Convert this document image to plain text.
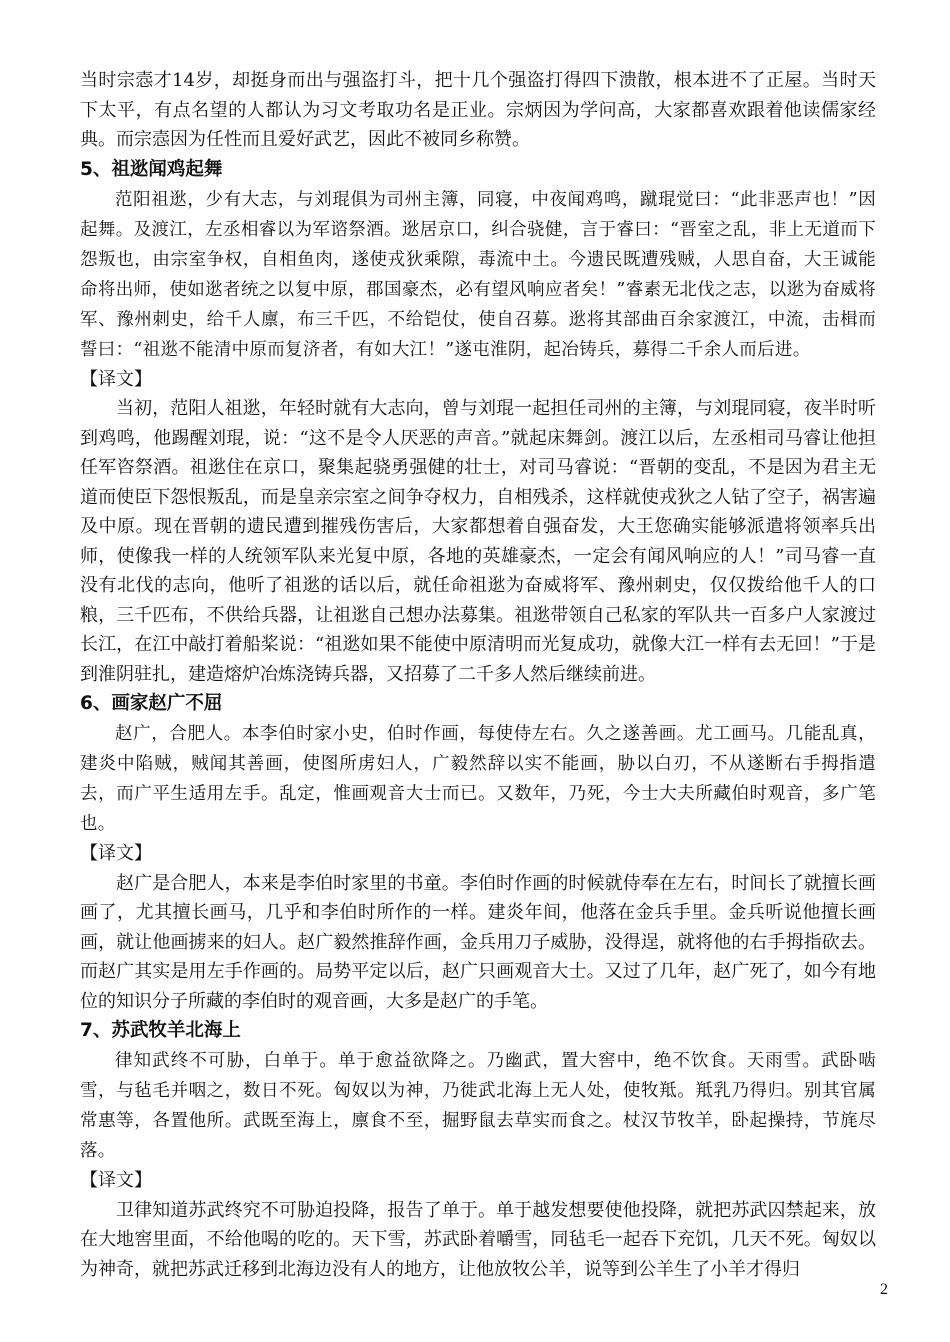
当时宗悫才14岁，却挺身而出与强盗打斗，把十几个强盗打得四下溃散，根本进不了正屋。当时天下太平，有点名望的人都认为习文考取功名是正业。宗炳因为学问高，大家都喜欢跟着他读儒家经典。而宗悫因为任性而且爱好武艺，因此不被同乡称赞。

5、祖逖闻鸡起舞

范阳祖逖，少有大志，与刘琨俱为司州主簿，同寝，中夜闻鸡鸣，蹴琨觉曰：“此非恶声也！”因起舞。及渡江，左丞相睿以为军谘祭酒。逖居京口，纠合骁健，言于睿曰：“晋室之乱，非上无道而下怨叛也，由宗室争权，自相鱼肉，遂使戎狄乘隙，毒流中土。今遗民既遭残贼，人思自奋，大王诚能命将出师，使如逖者统之以复中原，郡国豪杰，必有望风响应者矣！”睿素无北伐之志，以逖为奋威将军、豫州刺史，给千人廪，布三千匹，不给铠仗，使自召募。逖将其部曲百余家渡江，中流，击楫而誓曰：“祖逖不能清中原而复济者，有如大江！”遂屯淮阴，起冶铸兵，募得二千余人而后进。

【译文】

当初，范阳人祖逖，年轻时就有大志向，曾与刘琨一起担任司州的主簿，与刘琨同寝，夜半时听到鸡鸣，他踢醒刘琨，说：“这不是令人厌恶的声音。”就起床舞剑。渡江以后，左丞相司马睿让他担任军咨祭酒。祖逖住在京口，聚集起骁勇强健的壮士，对司马睿说：“晋朝的变乱，不是因为君主无道而使臣下怨恨叛乱，而是皇亲宗室之间争夺权力，自相残杀，这样就使戎狄之人钻了空子，祸害遍及中原。现在晋朝的遗民遭到摧残伤害后，大家都想着自强奋发，大王您确实能够派遣将领率兵出师，使像我一样的人统领军队来光复中原，各地的英雄豪杰，一定会有闻风响应的人！”司马睿一直没有北伐的志向，他听了祖逖的话以后，就任命祖逖为奋威将军、豫州刺史，仅仅拨给他千人的口粮，三千匹布，不供给兵器，让祖逖自己想办法募集。祖逖带领自己私家的军队共一百多户人家渡过长江，在江中敲打着船桨说：“祖逖如果不能使中原清明而光复成功，就像大江一样有去无回！”于是到淮阴驻扎，建造熔炉冶炼浇铸兵器，又招募了二千多人然后继续前进。

6、画家赵广不屈

赵广，合肥人。本李伯时家小史，伯时作画，每使侍左右。久之遂善画。尤工画马。几能乱真，建炎中陷贼，贼闻其善画，使图所虏妇人，广毅然辞以实不能画，胁以白刃，不从遂断右手拇指遣去，而广平生适用左手。乱定，惟画观音大士而已。又数年，乃死，今士大夫所藏伯时观音，多广笔也。

【译文】

赵广是合肥人，本来是李伯时家里的书童。李伯时作画的时候就侍奉在左右，时间长了就擅长画画了，尤其擅长画马，几乎和李伯时所作的一样。建炎年间，他落在金兵手里。金兵听说他擅长画画，就让他画掳来的妇人。赵广毅然推辞作画，金兵用刀子威胁，没得逞，就将他的右手拇指砍去。而赵广其实是用左手作画的。局势平定以后，赵广只画观音大士。又过了几年，赵广死了，如今有地位的知识分子所藏的李伯时的观音画，大多是赵广的手笔。

7、苏武牧羊北海上

律知武终不可胁，白单于。单于愈益欲降之。乃幽武，置大窖中，绝不饮食。天雨雪。武卧啮雪，与毡毛并咽之，数日不死。匈奴以为神，乃徙武北海上无人处，使牧羝。羝乳乃得归。别其官属常惠等，各置他所。武既至海上，廪食不至，掘野鼠去草实而食之。杖汉节牧羊，卧起操持，节旄尽落。

【译文】

卫律知道苏武终究不可胁迫投降，报告了单于。单于越发想要使他投降，就把苏武囚禁起来，放在大地窖里面，不给他喝的吃的。天下雪，苏武卧着嚼雪，同毡毛一起吞下充饥，几天不死。匈奴以为神奇，就把苏武迁移到北海边没有人的地方，让他放牧公羊，说等到公羊生了小羊才得归

2
